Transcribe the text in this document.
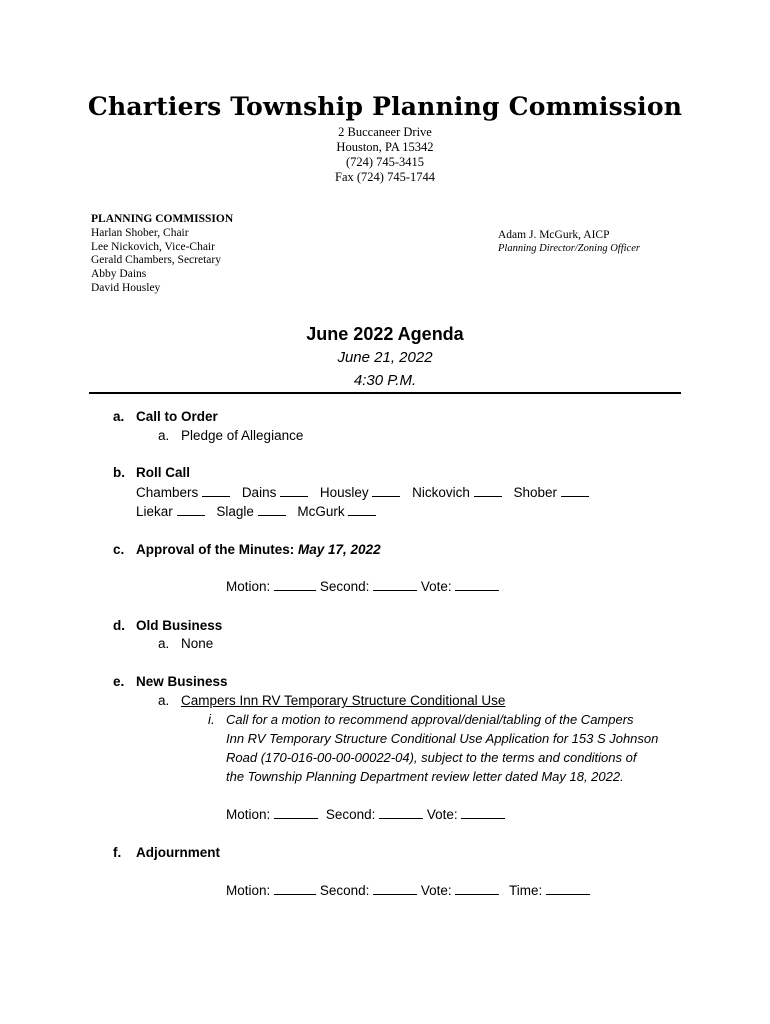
Chartiers Township Planning Commission
2 Buccaneer Drive
Houston, PA 15342
(724) 745-3415
Fax (724) 745-1744
PLANNING COMMISSION
Harlan Shober, Chair
Lee Nickovich, Vice-Chair
Gerald Chambers, Secretary
Abby Dains
David Housley
Adam J. McGurk, AICP
Planning Director/Zoning Officer
June 2022 Agenda
June 21, 2022
4:30 P.M.
a. Call to Order
a. Pledge of Allegiance
b. Roll Call
Chambers	Dains	Housley	Nickovich	Shober
Liekar	Slagle	McGurk
c. Approval of the Minutes: May 17, 2022
Motion:	Second:	Vote:
d. Old Business
a. None
e. New Business
a. Campers Inn RV Temporary Structure Conditional Use
i. Call for a motion to recommend approval/denial/tabling of the Campers
Inn RV Temporary Structure Conditional Use Application for 153 S Johnson
Road (170-016-00-00-00022-04), subject to the terms and conditions of
the Township Planning Department review letter dated May 18, 2022.
Motion:	Second:	Vote:
f. Adjournment
Motion:	Second:	Vote:	Time:
